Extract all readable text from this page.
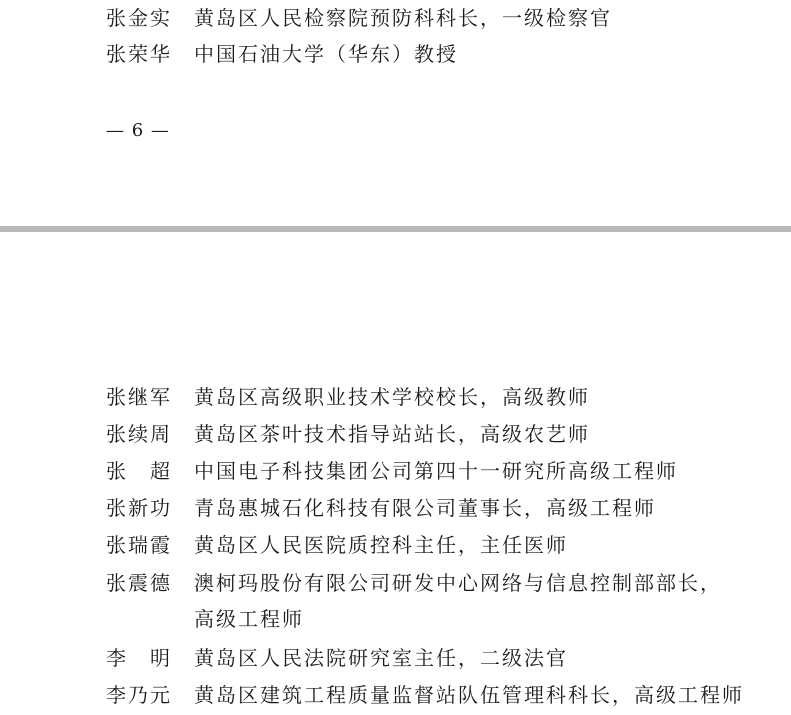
张金实	黄岛区人民检察院预防科科长，一级检察官
张荣华	中国石油大学（华东）教授
— 6 —
张继军	黄岛区高级职业技术学校校长，高级教师
张续周	黄岛区茶叶技术指导站站长，高级农艺师
张　超	中国电子科技集团公司第四十一研究所高级工程师
张新功	青岛惠城石化科技有限公司董事长，高级工程师
张瑞霞	黄岛区人民医院质控科主任，主任医师
张震德	澳柯玛股份有限公司研发中心网络与信息控制部部长，
高级工程师
李　明	黄岛区人民法院研究室主任，二级法官
李乃元	黄岛区建筑工程质量监督站队伍管理科科长，高级工程师
